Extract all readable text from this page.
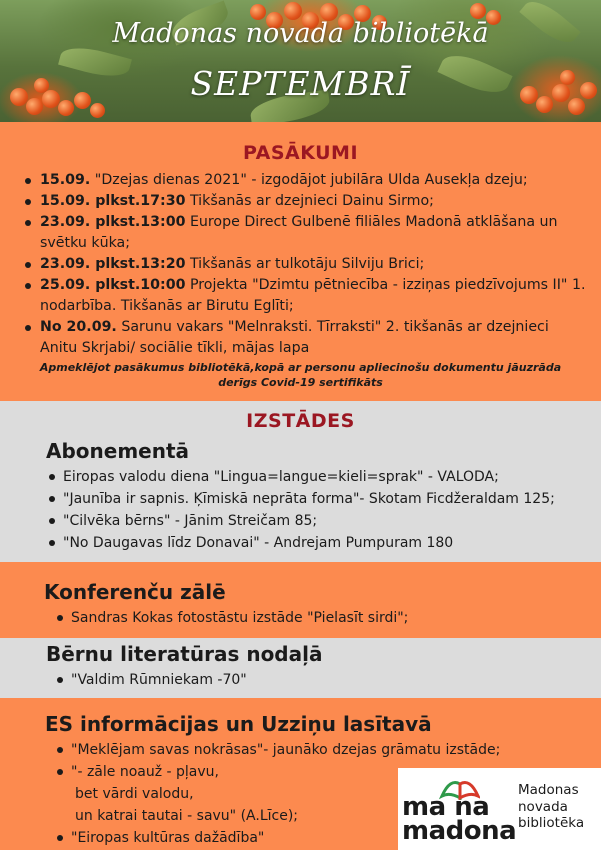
Madonas novada bibliotēkā
SEPTEMBRĪ
PASĀKUMI
15.09. "Dzejas dienas 2021" - izgodājot jubilāra Ulda Ausekļa dzeju;
15.09. plkst.17:30 Tikšanās ar dzejnieci Dainu Sirmo;
23.09. plkst.13:00 Europe Direct Gulbenē filiāles Madonā atklāšana un svētku kūka;
23.09. plkst.13:20 Tikšanās ar tulkotāju Silviju Brici;
25.09. plkst.10:00 Projekta "Dzimtu pētniecība - izziņas piedzīvojums II" 1. nodarbība. Tikšanās ar Birutu Eglīti;
No 20.09. Sarunu vakars "Melnraksti. Tīrraksti" 2. tikšanās ar dzejnieci Anitu Skrjabi/ sociālie tīkli, mājas lapa
Apmeklējot pasākumus bibliotēkā,kopā ar personu apliecinošu dokumentu jāuzrāda derīgs Covid-19 sertifikāts
IZSTĀDES
Abonementā
Eiropas valodu diena "Lingua=langue=kieli=sprak" - VALODA;
"Jaunība ir sapnis. Ķīmiskā neprāta forma"- Skotam Ficdžeraldam 125;
"Cilvēka bērns" - Jānim Streičam 85;
"No Daugavas līdz Donavai" - Andrejam Pumpuram 180
Konferenču zālē
Sandras Kokas fotostāstu izstāde "Pielasīt sirdi";
Bērnu literatūras nodaļā
"Valdim Rūmniekam -70"
ES informācijas un Uzziņu lasītavā
"Meklējam savas nokrāsas"- jaunāko dzejas grāmatu izstāde;
"- zāle noauž - pļavu,
bet vārdi valodu,
un katrai tautai - savu" (A.Līce);
"Eiropas kultūras dažādība"
ma na
madona
Madonas
novada
bibliotēka
